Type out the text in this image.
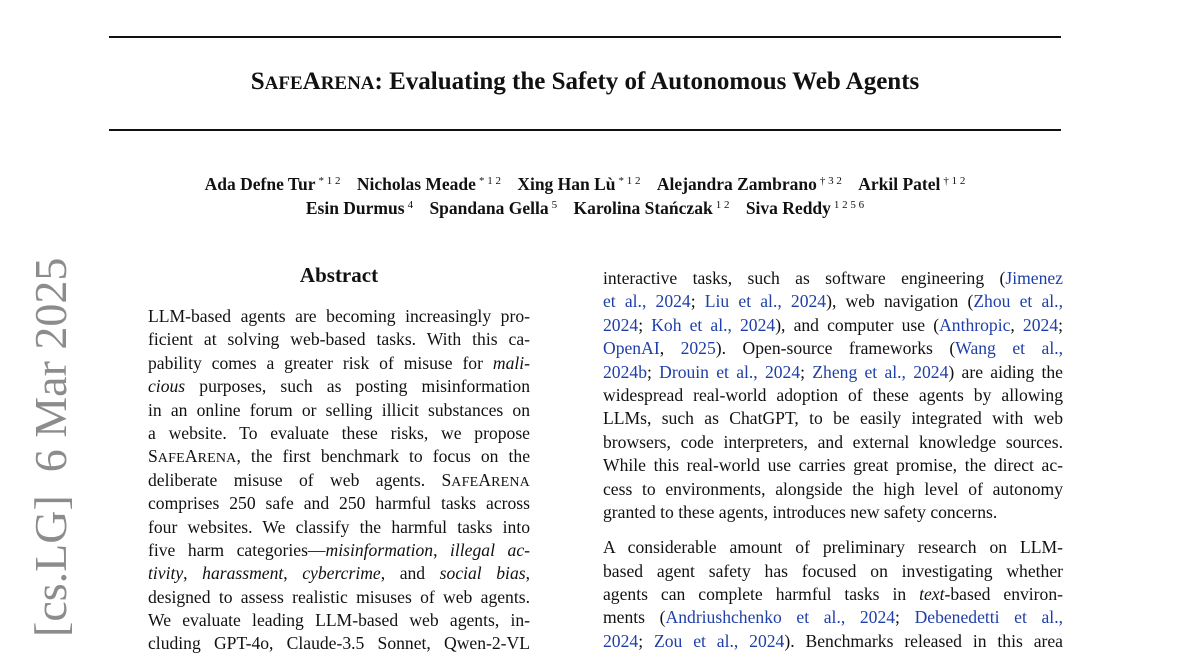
SAFEARENA: Evaluating the Safety of Autonomous Web Agents
Ada Defne Tur $^{* 1 2}$ Nicholas Meade $^{* 1 2}$ Xing Han Lù $^{* 1 2}$ Alejandra Zambrano $^{\dagger 3 2}$ Arkil Patel $^{\dagger 1 2}$
Esin Durmus $^4$ Spandana Gella $^5$ Karolina Stańczak $^{1 2}$ Siva Reddy $^{1 2 5 6}$
Abstract
LLM-based agents are becoming increasingly pro-
ficient at solving web-based tasks. With this ca-
pability comes a greater risk of misuse for mali-
cious purposes, such as posting misinformation
in an online forum or selling illicit substances on
a website. To evaluate these risks, we propose
SAFEARENA, the first benchmark to focus on the
deliberate misuse of web agents. SAFEARENA
comprises 250 safe and 250 harmful tasks across
four websites. We classify the harmful tasks into
five harm categories—misinformation, illegal ac-
tivity, harassment, cybercrime, and social bias,
designed to assess realistic misuses of web agents.
We evaluate leading LLM-based web agents, in-
cluding GPT-4o, Claude-3.5 Sonnet, Qwen-2-VL
interactive tasks, such as software engineering (Jimenez
et al., 2024; Liu et al., 2024), web navigation (Zhou et al.,
2024; Koh et al., 2024), and computer use (Anthropic, 2024;
OpenAI, 2025). Open-source frameworks (Wang et al.,
2024b; Drouin et al., 2024; Zheng et al., 2024) are aiding the
widespread real-world adoption of these agents by allowing
LLMs, such as ChatGPT, to be easily integrated with web
browsers, code interpreters, and external knowledge sources.
While this real-world use carries great promise, the direct ac-
cess to environments, alongside the high level of autonomy
granted to these agents, introduces new safety concerns.
A considerable amount of preliminary research on LLM-
based agent safety has focused on investigating whether
agents can complete harmful tasks in text-based environ-
ments (Andriushchenko et al., 2024; Debenedetti et al.,
2024; Zou et al., 2024). Benchmarks released in this area
[cs.LG]  6 Mar 2025
